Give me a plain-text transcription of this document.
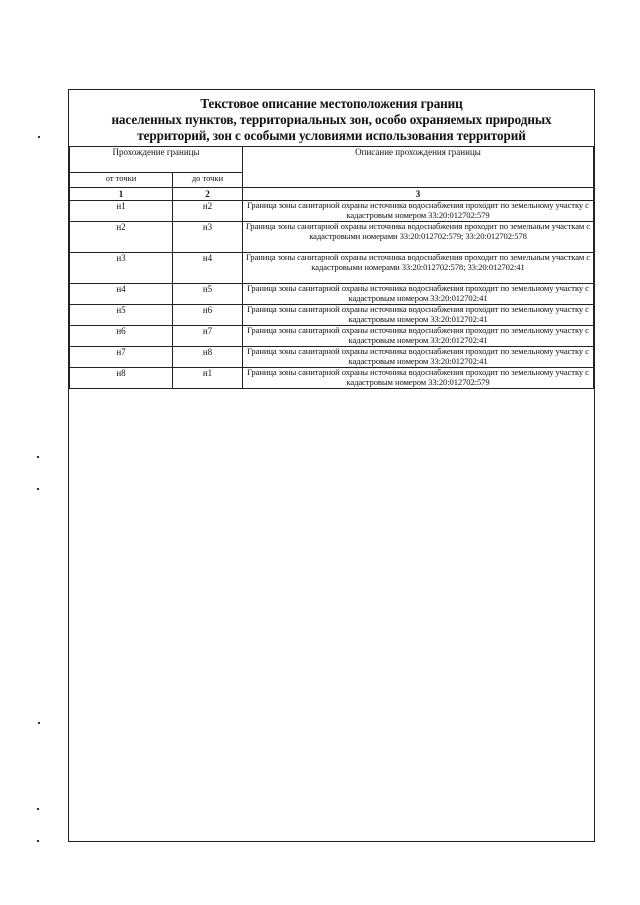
Текстовое описание местоположения границ
населенных пунктов, территориальных зон, особо охраняемых природных
территорий, зон с особыми условиями использования территорий
Прохождение границы		Описание прохождения границы
от точки	до точки	
1	2	3
н1	н2	Граница зоны санитарной охраны источника водоснабжения проходит по земельному участку с кадастровым номером 33:20:012702:579
н2	н3	Граница зоны санитарной охраны источника водоснабжения проходит по земельным участкам с кадастровыми номерами 33:20:012702:579; 33:20:012702:578
н3	н4	Граница зоны санитарной охраны источника водоснабжения проходит по земельным участкам с кадастровыми номерами 33:20:012702:578; 33:20:012702:41
н4	н5	Граница зоны санитарной охраны источника водоснабжения проходит по земельному участку с кадастровым номером 33:20:012702:41
н5	н6	Граница зоны санитарной охраны источника водоснабжения проходит по земельному участку с кадастровым номером 33:20:012702:41
н6	н7	Граница зоны санитарной охраны источника водоснабжения проходит по земельному участку с кадастровым номером 33:20:012702:41
н7	н8	Граница зоны санитарной охраны источника водоснабжения проходит по земельному участку с кадастровым номером 33:20:012702:41
н8	н1	Граница зоны санитарной охраны источника водоснабжения проходит по земельному участку с кадастровым номером 33:20:012702:579
